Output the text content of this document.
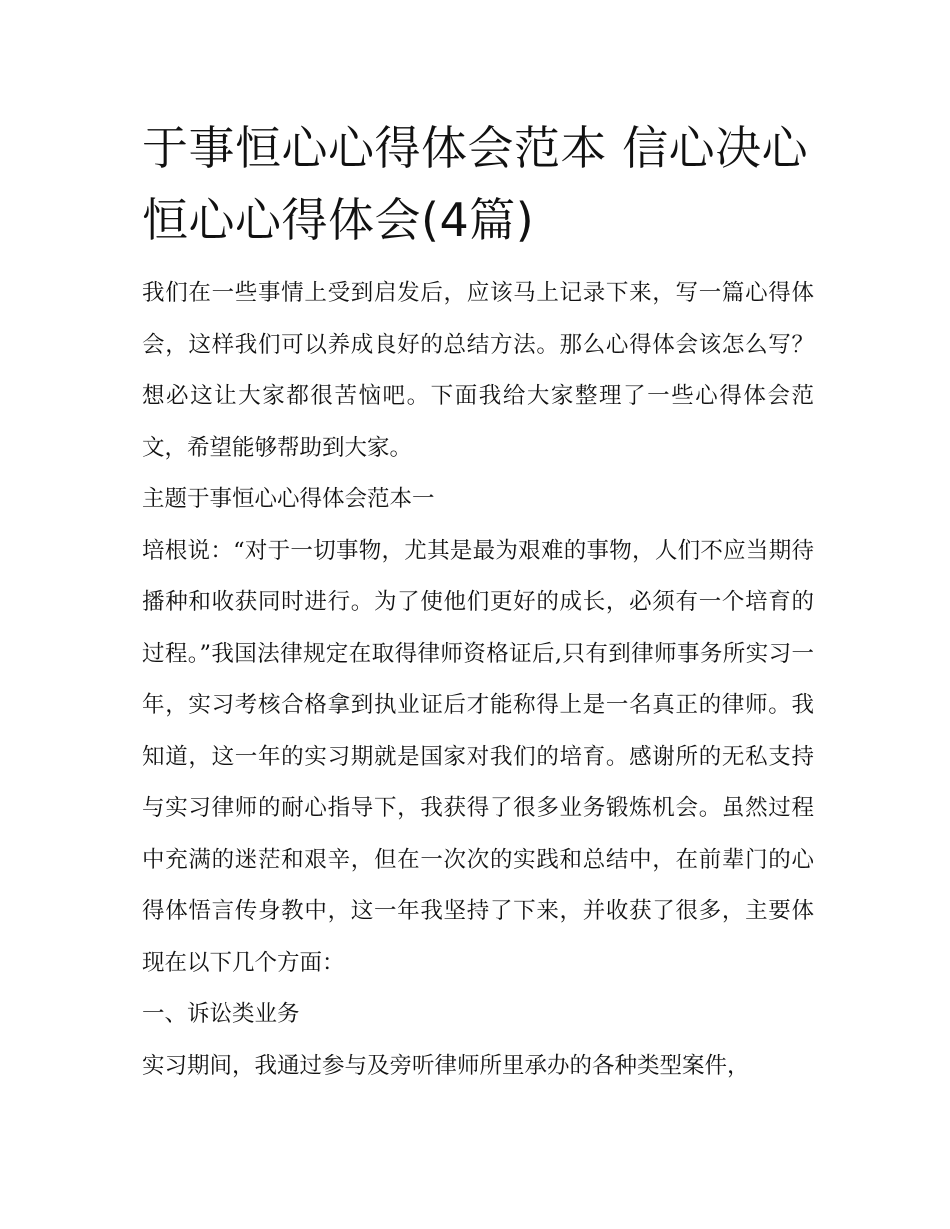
于事恒心心得体会范本 信心决心恒心心得体会(4篇)

我们在一些事情上受到启发后，应该马上记录下来，写一篇心得体会，这样我们可以养成良好的总结方法。那么心得体会该怎么写？想必这让大家都很苦恼吧。下面我给大家整理了一些心得体会范文，希望能够帮助到大家。

主题于事恒心心得体会范本一

培根说：“对于一切事物，尤其是最为艰难的事物，人们不应当期待播种和收获同时进行。为了使他们更好的成长，必须有一个培育的过程。”我国法律规定在取得律师资格证后,只有到律师事务所实习一年，实习考核合格拿到执业证后才能称得上是一名真正的律师。我知道，这一年的实习期就是国家对我们的培育。感谢所的无私支持与实习律师的耐心指导下，我获得了很多业务锻炼机会。虽然过程中充满的迷茫和艰辛，但在一次次的实践和总结中，在前辈门的心得体悟言传身教中，这一年我坚持了下来，并收获了很多，主要体现在以下几个方面：

一、诉讼类业务

实习期间，我通过参与及旁听律师所里承办的各种类型案件，
